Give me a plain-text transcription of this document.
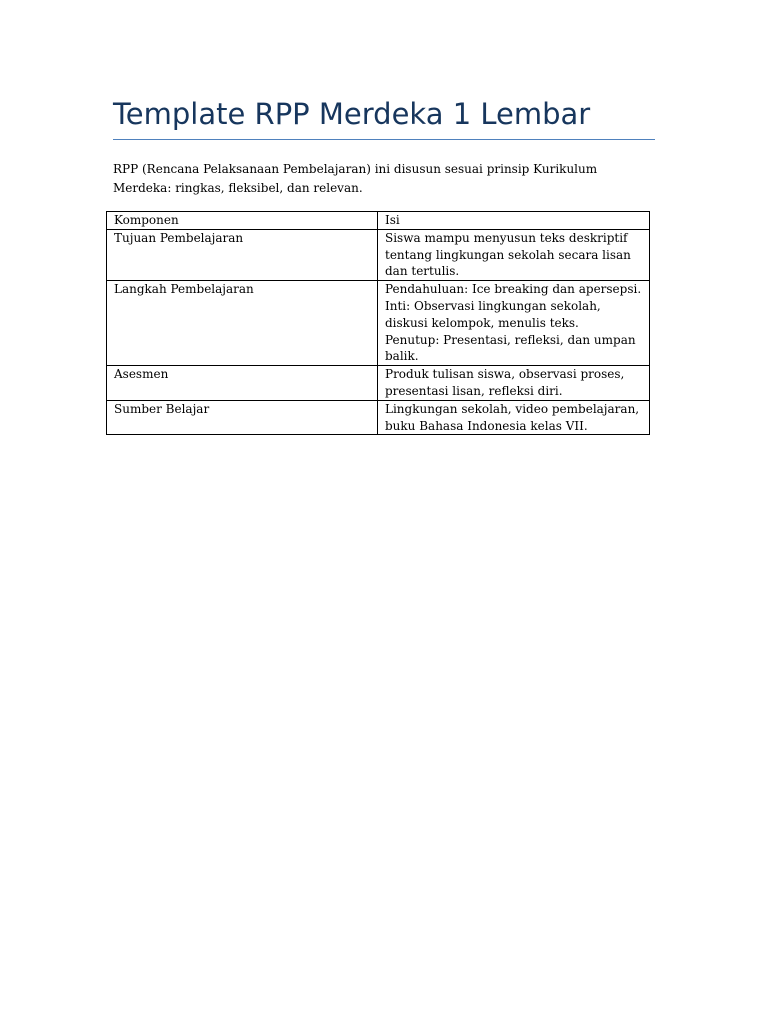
Template RPP Merdeka 1 Lembar

RPP (Rencana Pelaksanaan Pembelajaran) ini disusun sesuai prinsip Kurikulum Merdeka: ringkas, fleksibel, dan relevan.

Komponen	Isi
Tujuan Pembelajaran	Siswa mampu menyusun teks deskriptif tentang lingkungan sekolah secara lisan dan tertulis.

Langkah Pembelajaran	Pendahuluan: Ice breaking dan apersepsi.
Inti: Observasi lingkungan sekolah, diskusi kelompok, menulis teks.
Penutup: Presentasi, refleksi, dan umpan balik.

Asesmen	Produk tulisan siswa, observasi proses, presentasi lisan, refleksi diri.

Sumber Belajar	Lingkungan sekolah, video pembelajaran, buku Bahasa Indonesia kelas VII.
